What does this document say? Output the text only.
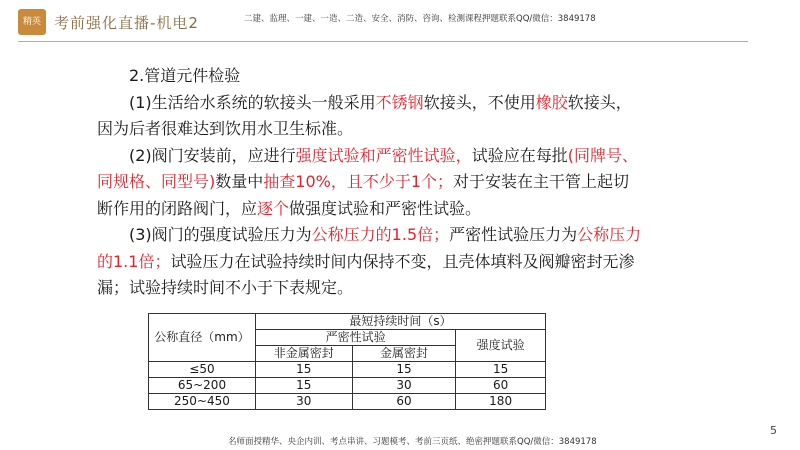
精英 考前强化直播-机电2	二建、监理、一建、一造、二造、安全、消防、咨询、检测课程押题联系QQ/微信：3849178

2.管道元件检验

(1)生活给水系统的软接头一般采用不锈钢软接头，不使用橡胶软接头，因为后者很难达到饮用水卫生标准。

(2)阀门安装前，应进行强度试验和严密性试验，试验应在每批(同牌号、同规格、同型号)数量中抽查10%，且不少于1个；对于安装在主干管上起切断作用的闭路阀门，应逐个做强度试验和严密性试验。

(3)阀门的强度试验压力为公称压力的1.5倍；严密性试验压力为公称压力的1.1倍；试验压力在试验持续时间内保持不变，且壳体填料及阀瓣密封无渗漏；试验持续时间不小于下表规定。

公称直径（mm）	最短持续时间（s）		
	严密性试验		强度试验
	非金属密封	金属密封	
≤50	15	15	15
65~200	15	30	60
250~450	30	60	180
名师面授精华、央企内训、考点串讲、习题模考、考前三页纸、绝密押题联系QQ/微信：3849178
5
